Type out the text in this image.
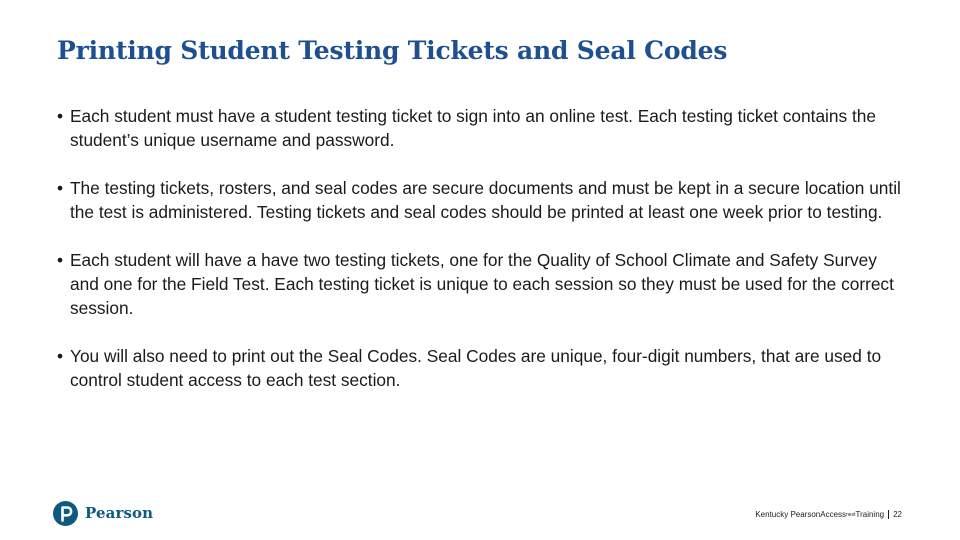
Printing Student Testing Tickets and Seal Codes
• Each student must have a student testing ticket to sign into an online test. Each testing ticket contains the student’s unique username and password.
• The testing tickets, rosters, and seal codes are secure documents and must be kept in a secure location until the test is administered. Testing tickets and seal codes should be printed at least one week prior to testing.
• Each student will have a have two testing tickets, one for the Quality of School Climate and Safety Survey and one for the Field Test. Each testing ticket is unique to each session so they must be used for the correct session.
• You will also need to print out the Seal Codes. Seal Codes are unique, four-digit numbers, that are used to control student access to each test section.
Pearson	Kentucky PearsonAccess next Training 22
